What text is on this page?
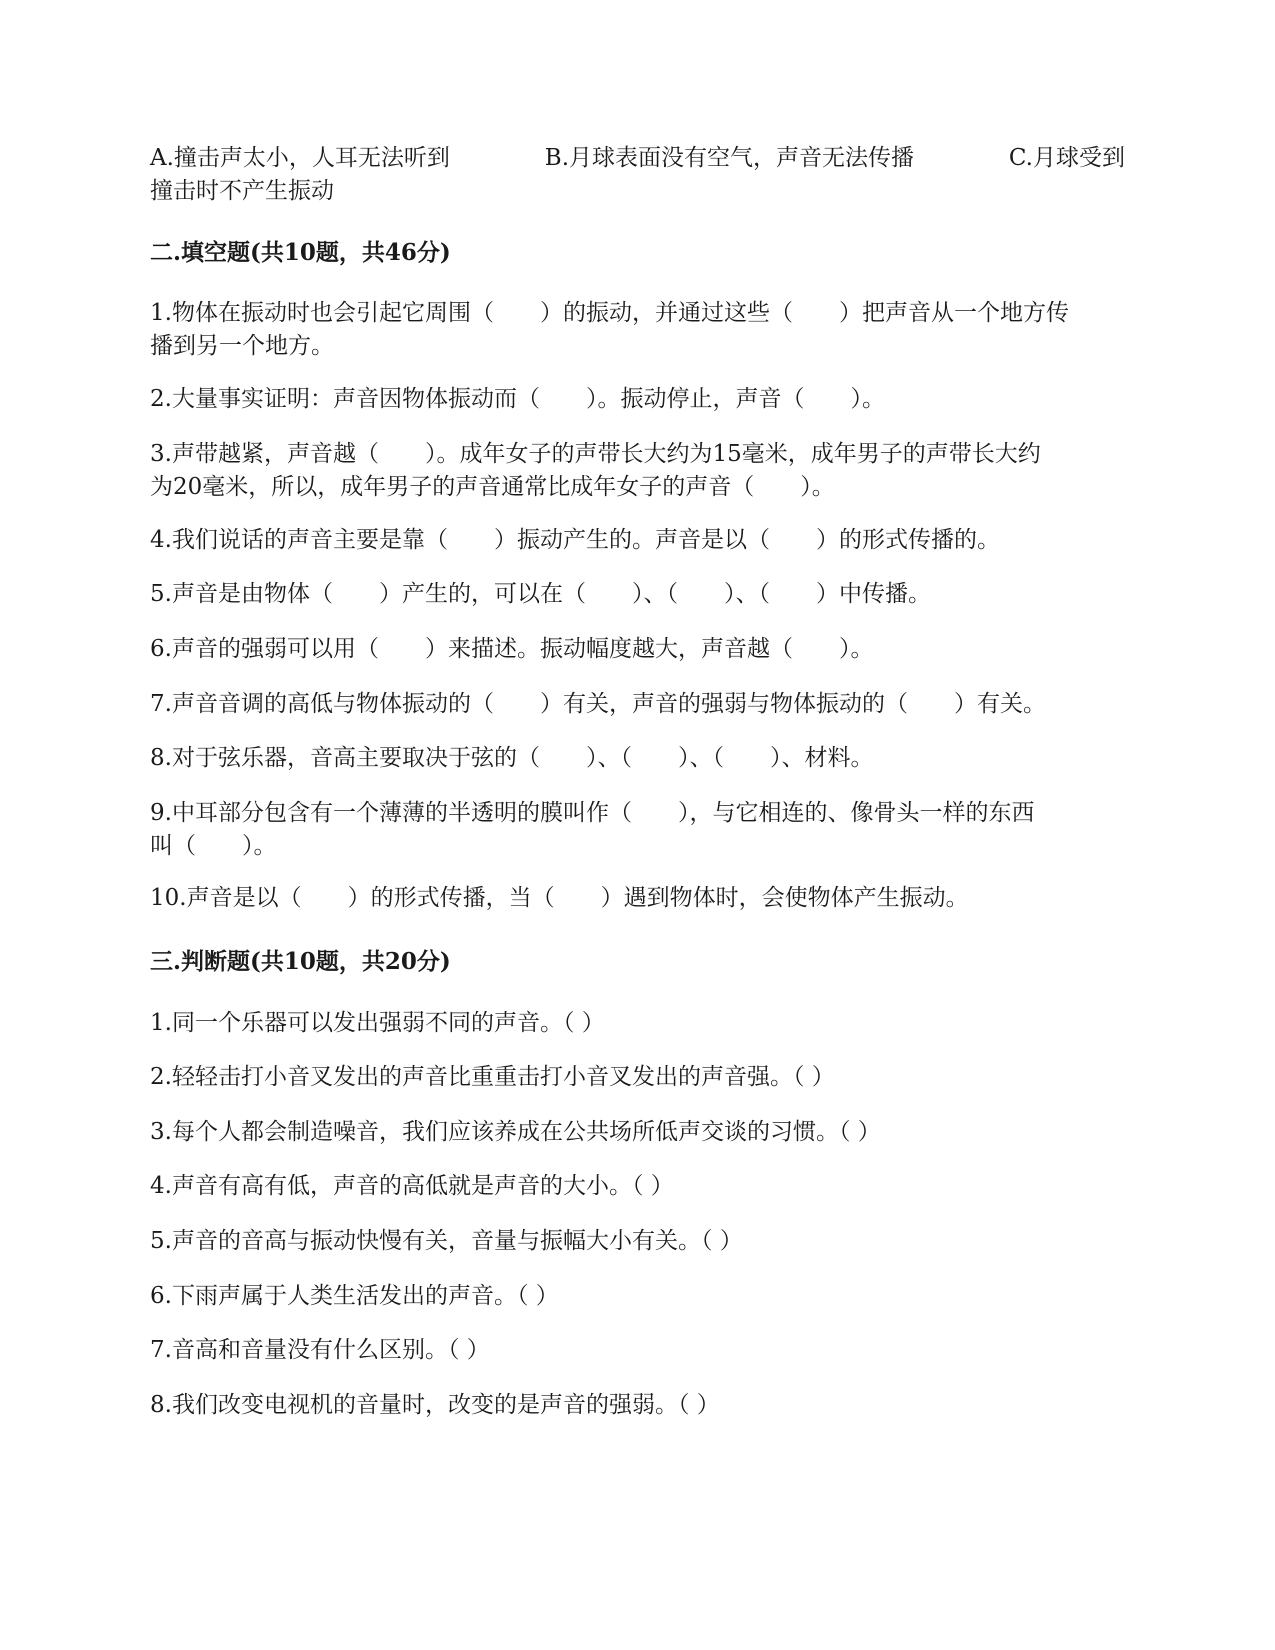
A.撞击声太小，人耳无法听到	B.月球表面没有空气，声音无法传播	C.月球受到

撞击时不产生振动

二.填空题(共10题，共46分)

1.物体在振动时也会引起它周围（　　）的振动，并通过这些（　　）把声音从一个地方传

播到另一个地方。

2.大量事实证明：声音因物体振动而（　　）。振动停止，声音（　　）。

3.声带越紧，声音越（　　）。成年女子的声带长大约为15毫米，成年男子的声带长大约

为20毫米，所以，成年男子的声音通常比成年女子的声音（　　）。

4.我们说话的声音主要是靠（　　）振动产生的。声音是以（　　）的形式传播的。

5.声音是由物体（　　）产生的，可以在（　　）、（　　）、（　　）中传播。

6.声音的强弱可以用（　　）来描述。振动幅度越大，声音越（　　）。

7.声音音调的高低与物体振动的（　　）有关，声音的强弱与物体振动的（　　）有关。

8.对于弦乐器，音高主要取决于弦的（　　）、（　　）、（　　）、材料。

9.中耳部分包含有一个薄薄的半透明的膜叫作（　　），与它相连的、像骨头一样的东西

叫（　　）。

10.声音是以（　　）的形式传播，当（　　）遇到物体时，会使物体产生振动。

三.判断题(共10题，共20分)

1.同一个乐器可以发出强弱不同的声音。（ ）

2.轻轻击打小音叉发出的声音比重重击打小音叉发出的声音强。（ ）

3.每个人都会制造噪音，我们应该养成在公共场所低声交谈的习惯。（ ）

4.声音有高有低，声音的高低就是声音的大小。（ ）

5.声音的音高与振动快慢有关，音量与振幅大小有关。（ ）

6.下雨声属于人类生活发出的声音。（ ）

7.音高和音量没有什么区别。（ ）

8.我们改变电视机的音量时，改变的是声音的强弱。（ ）
